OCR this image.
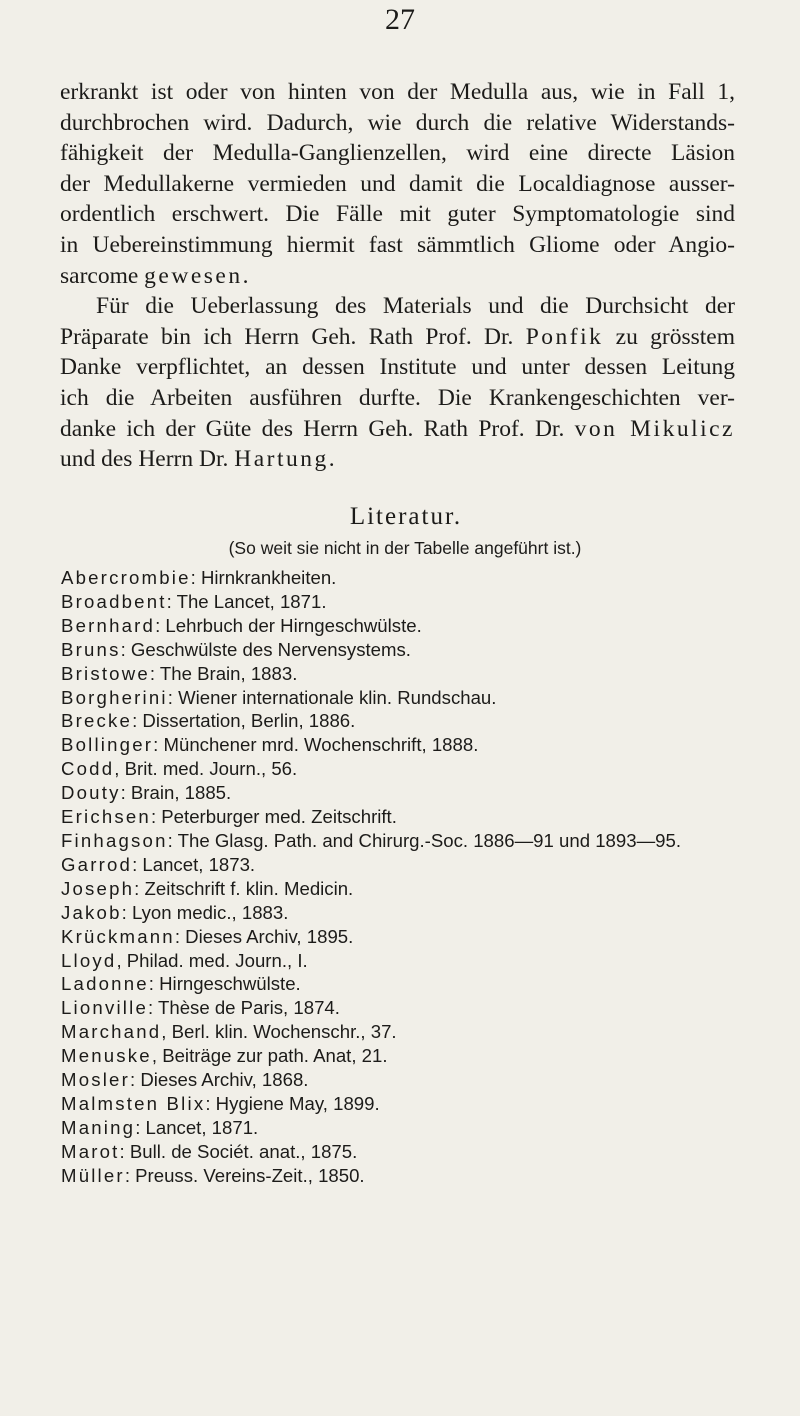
27
erkrankt ist oder von hinten von der Medulla aus, wie in Fall 1,
durchbrochen wird. Dadurch, wie durch die relative Widerstands-
fähigkeit der Medulla-Ganglienzellen, wird eine directe Läsion
der Medullakerne vermieden und damit die Localdiagnose ausser-
ordentlich erschwert. Die Fälle mit guter Symptomatologie sind
in Uebereinstimmung hiermit fast sämmtlich Gliome oder Angio-
sarcome gewesen.
Für die Ueberlassung des Materials und die Durchsicht der
Präparate bin ich Herrn Geh. Rath Prof. Dr. Ponfik zu grösstem
Danke verpflichtet, an dessen Institute und unter dessen Leitung
ich die Arbeiten ausführen durfte. Die Krankengeschichten ver-
danke ich der Güte des Herrn Geh. Rath Prof. Dr. von Mikulicz
und des Herrn Dr. Hartung.
Literatur.
(So weit sie nicht in der Tabelle angeführt ist.)
Abercrombie: Hirnkrankheiten.
Broadbent: The Lancet, 1871.
Bernhard: Lehrbuch der Hirngeschwülste.
Bruns: Geschwülste des Nervensystems.
Bristowe: The Brain, 1883.
Borgherini: Wiener internationale klin. Rundschau.
Brecke: Dissertation, Berlin, 1886.
Bollinger: Münchener mrd. Wochenschrift, 1888.
Codd, Brit. med. Journ., 56.
Douty: Brain, 1885.
Erichsen: Peterburger med. Zeitschrift.
Finhagson: The Glasg. Path. and Chirurg.-Soc. 1886—91 und 1893—95.
Garrod: Lancet, 1873.
Joseph: Zeitschrift f. klin. Medicin.
Jakob: Lyon medic., 1883.
Krückmann: Dieses Archiv, 1895.
Lloyd, Philad. med. Journ., I.
Ladonne: Hirngeschwülste.
Lionville: Thèse de Paris, 1874.
Marchand, Berl. klin. Wochenschr., 37.
Menuske, Beiträge zur path. Anat, 21.
Mosler: Dieses Archiv, 1868.
Malmsten Blix: Hygiene May, 1899.
Maning: Lancet, 1871.
Marot: Bull. de Sociét. anat., 1875.
Müller: Preuss. Vereins-Zeit., 1850.
